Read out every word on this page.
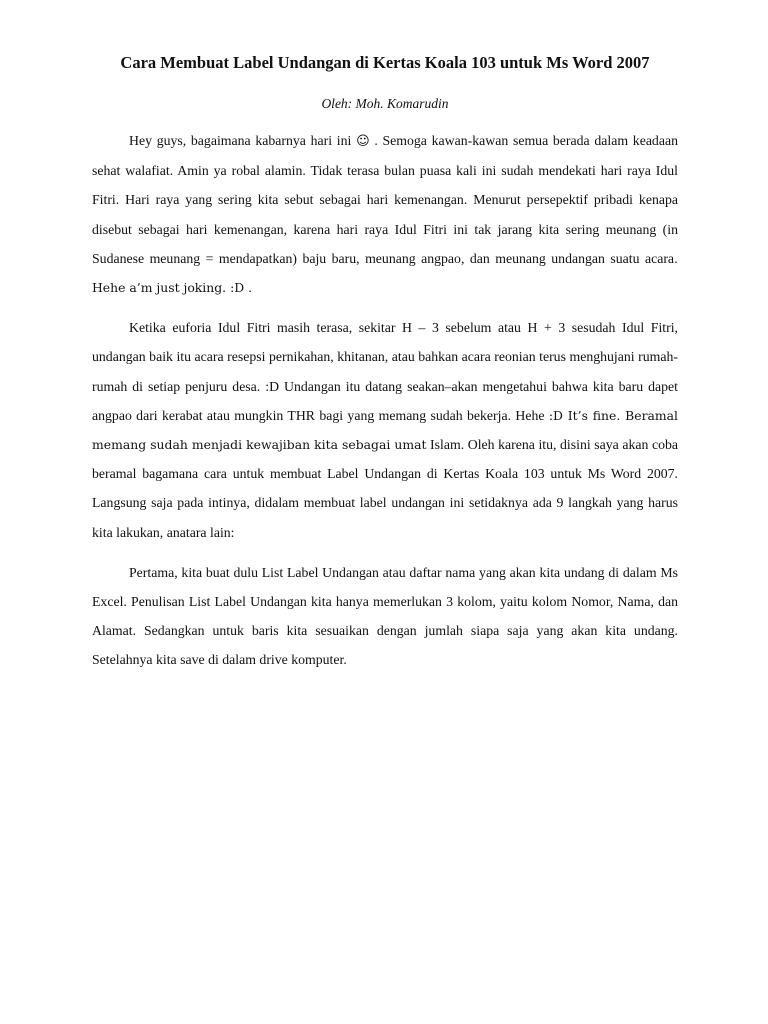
Cara Membuat Label Undangan di Kertas Koala 103 untuk Ms Word 2007

Oleh: Moh. Komarudin

Hey guys, bagaimana kabarnya hari ini ☺ . Semoga kawan-kawan semua berada dalam keadaan sehat walafiat. Amin ya robal alamin. Tidak terasa bulan puasa kali ini sudah mendekati hari raya Idul Fitri. Hari raya yang sering kita sebut sebagai hari kemenangan. Menurut persepektif pribadi kenapa disebut sebagai hari kemenangan, karena hari raya Idul Fitri ini tak jarang kita sering meunang (in Sudanese meunang = mendapatkan) baju baru, meunang angpao, dan meunang undangan suatu acara. Hehe a’m just joking. :D .

Ketika euforia Idul Fitri masih terasa, sekitar H – 3 sebelum atau H + 3 sesudah Idul Fitri, undangan baik itu acara resepsi pernikahan, khitanan, atau bahkan acara reonian terus menghujani rumah-rumah di setiap penjuru desa. :D Undangan itu datang seakan–akan mengetahui bahwa kita baru dapet angpao dari kerabat atau mungkin THR bagi yang memang sudah bekerja. Hehe :D It’s fine. Beramal memang sudah menjadi kewajiban kita sebagai umat Islam. Oleh karena itu, disini saya akan coba beramal bagamana cara untuk membuat Label Undangan di Kertas Koala 103 untuk Ms Word 2007. Langsung saja pada intinya, didalam membuat label undangan ini setidaknya ada 9 langkah yang harus kita lakukan, anatara lain:

Pertama, kita buat dulu List Label Undangan atau daftar nama yang akan kita undang di dalam Ms Excel. Penulisan List Label Undangan kita hanya memerlukan 3 kolom, yaitu kolom Nomor, Nama, dan Alamat. Sedangkan untuk baris kita sesuaikan dengan jumlah siapa saja yang akan kita undang. Setelahnya kita save di dalam drive komputer.
